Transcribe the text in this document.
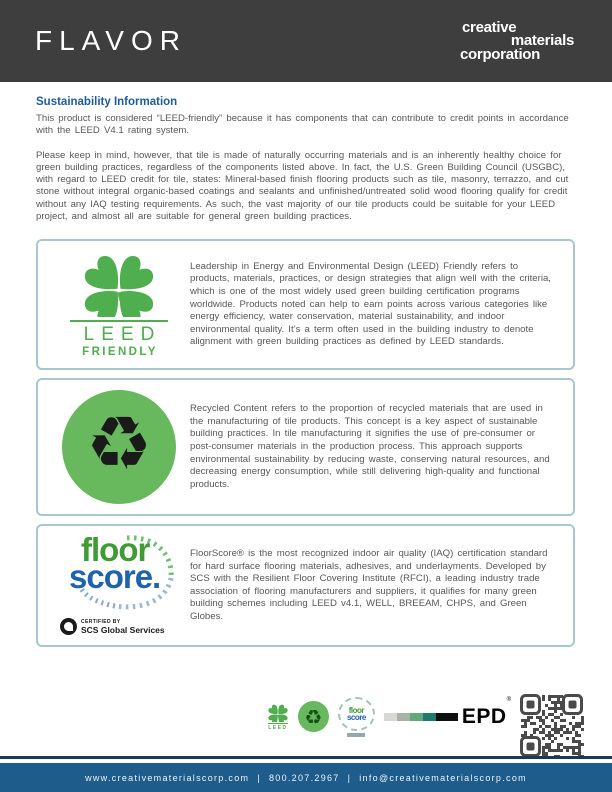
FLAVOR	creative
materials
corporation
Sustainability Information

This product is considered “LEED-friendly” because it has components that can contribute to credit points in accordance with the LEED V4.1 rating system.

Please keep in mind, however, that tile is made of naturally occurring materials and is an inherently healthy choice for green building practices, regardless of the components listed above. In fact, the U.S. Green Building Council (USGBC), with regard to LEED credit for tile, states: Mineral-based finish flooring products such as tile, masonry, terrazzo, and cut stone without integral organic-based coatings and sealants and unfinished/untreated solid wood flooring qualify for credit without any IAQ testing requirements. As such, the vast majority of our tile products could be suitable for your LEED project, and almost all are suitable for general green building practices.

LEED
FRIENDLY
Leadership in Energy and Environmental Design (LEED) Friendly refers to products, materials, practices, or design strategies that align well with the criteria, which is one of the most widely used green building certification programs worldwide. Products noted can help to earn points across various categories like energy efficiency, water conservation, material sustainability, and indoor environmental quality. It’s a term often used in the building industry to denote alignment with green building practices as defined by LEED standards.
♻	Recycled Content refers to the proportion of recycled materials that are used in the manufacturing of tile products. This concept is a key aspect of sustainable building practices. In tile manufacturing it signifies the use of pre-consumer or post-consumer materials in the production process. This approach supports environmental sustainability by reducing waste, conserving natural resources, and decreasing energy consumption, while still delivering high-quality and functional products.
floor
score.
CERTIFIED BY
SCS Global Services
FloorScore® is the most recognized indoor air quality (IAQ) certification standard for hard surface flooring materials, adhesives, and underlayments. Developed by SCS with the Resilient Floor Covering Institute (RFCI), a leading industry trade association of flooring manufacturers and suppliers, it qualifies for many green building schemes including LEED v4.1, WELL, BREEAM, CHPS, and Green Globes.
LEED ♻	floor
score	EPD®
www.creativematerialscorp.com | 800.207.2967 | info@creativematerialscorp.com
